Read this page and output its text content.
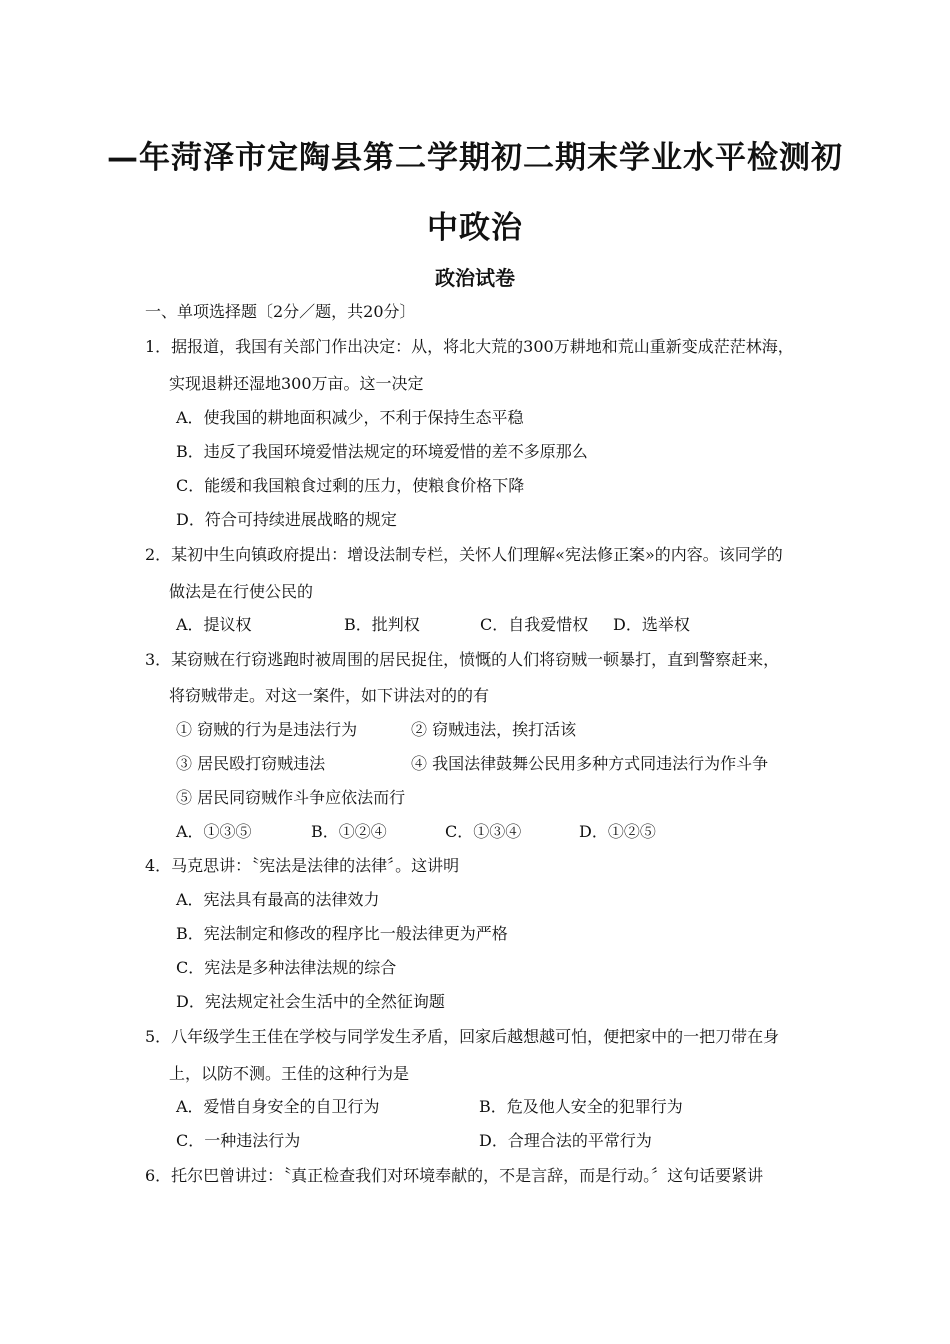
—年菏泽市定陶县第二学期初二期末学业水平检测初
中政治
政治试卷
一、单项选择题〔2分／题，共20分〕
1．据报道，我国有关部门作出决定：从，将北大荒的300万耕地和荒山重新变成茫茫林海，
实现退耕还湿地300万亩。这一决定
A．使我国的耕地面积减少，不利于保持生态平稳
B．违反了我国环境爱惜法规定的环境爱惜的差不多原那么
C．能缓和我国粮食过剩的压力，使粮食价格下降
D．符合可持续进展战略的规定
2．某初中生向镇政府提出：增设法制专栏，关怀人们理解«宪法修正案»的内容。该同学的
做法是在行使公民的
A．提议权	B．批判权	C．自我爱惜权 D．选举权
3．某窃贼在行窃逃跑时被周围的居民捉住，愤慨的人们将窃贼一顿暴打，直到警察赶来，
将窃贼带走。对这一案件，如下讲法对的的有
① 窃贼的行为是违法行为	② 窃贼违法，挨打活该
③ 居民殴打窃贼违法	④ 我国法律鼓舞公民用多种方式同违法行为作斗争
⑤ 居民同窃贼作斗争应依法而行
A．①③⑤	B．①②④	C．①③④	D．①②⑤
4．马克思讲：〝宪法是法律的法律〞。这讲明
A．宪法具有最高的法律效力
B．宪法制定和修改的程序比一般法律更为严格
C．宪法是多种法律法规的综合
D．宪法规定社会生活中的全然征询题
5．八年级学生王佳在学校与同学发生矛盾，回家后越想越可怕，便把家中的一把刀带在身
上，以防不测。王佳的这种行为是
A．爱惜自身安全的自卫行为	B．危及他人安全的犯罪行为
C．一种违法行为	D．合理合法的平常行为
6．托尔巴曾讲过：〝真正检查我们对环境奉献的，不是言辞，而是行动。〞这句话要紧讲
